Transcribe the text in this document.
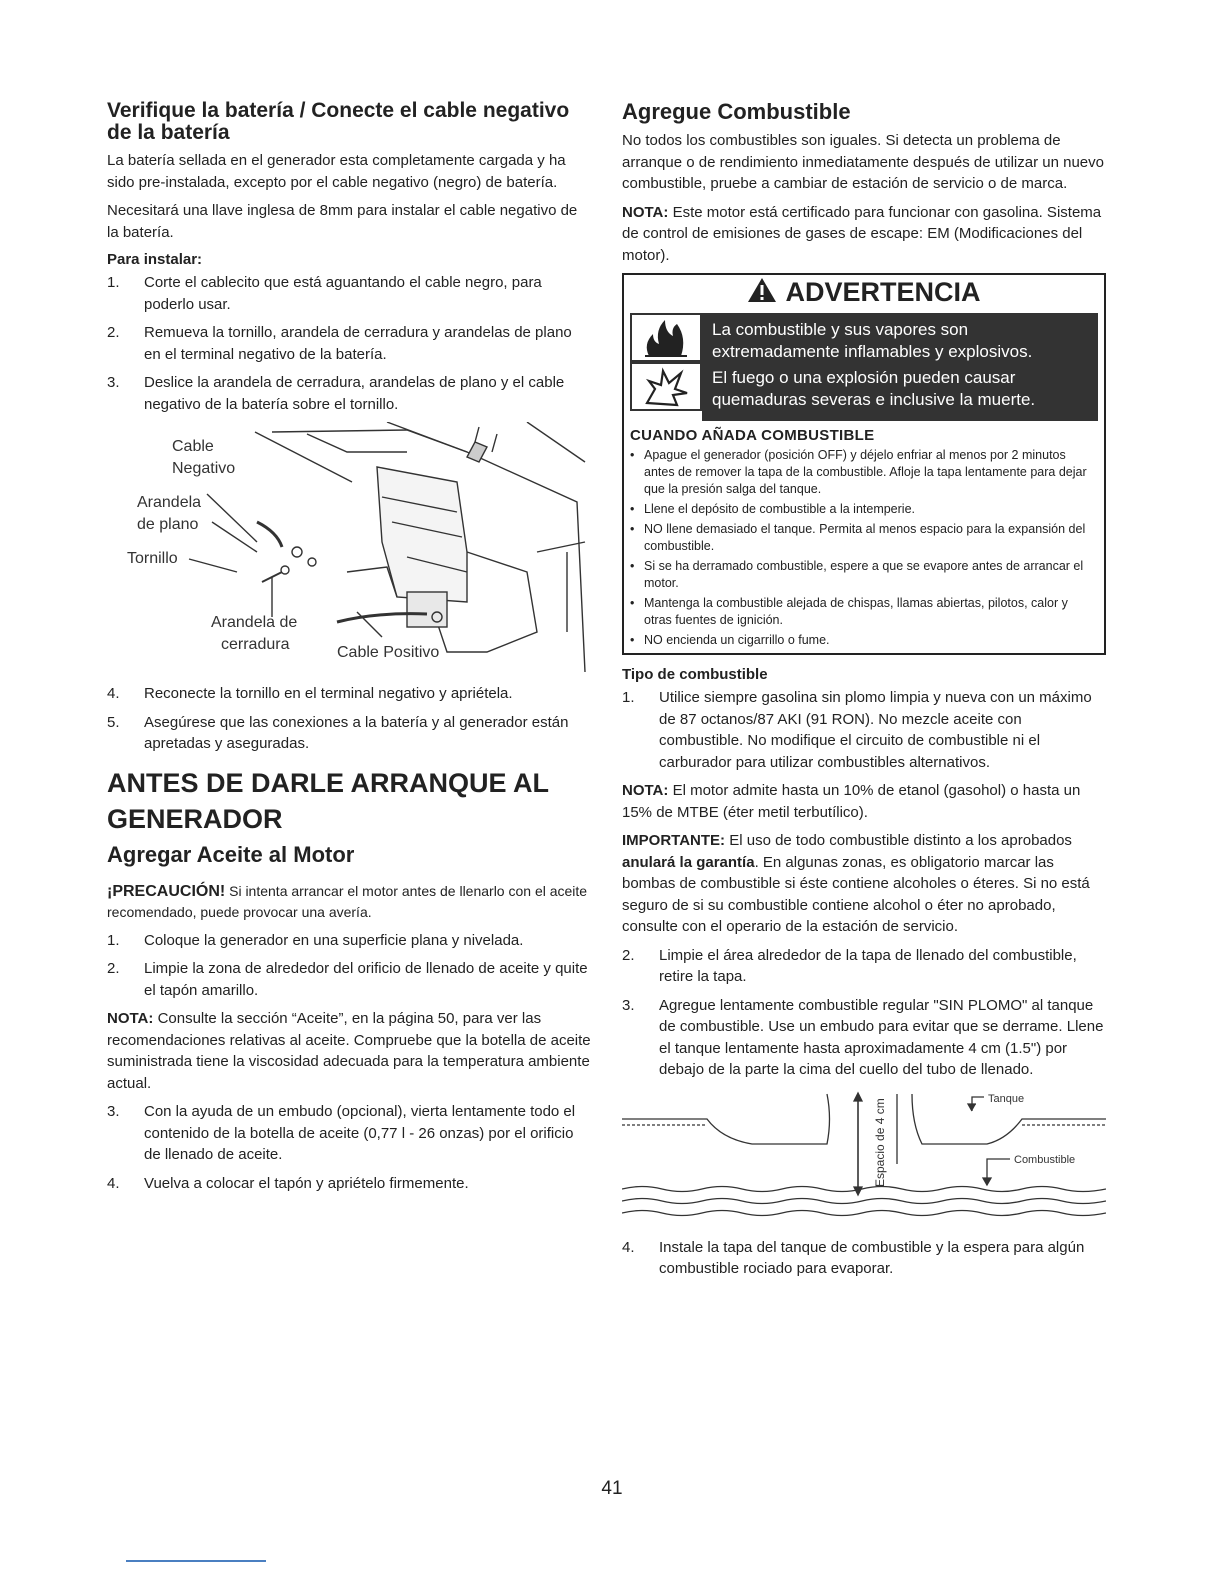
Verifique la batería / Conecte el cable negativo de la batería

La batería sellada en el generador esta completamente cargada y ha sido pre-instalada, excepto por el cable negativo (negro) de batería.

Necesitará una llave inglesa de 8mm para instalar el cable negativo de la batería.

Para instalar:
1. Corte el cablecito que está aguantando el cable negro, para poderlo usar.
2. Remueva la tornillo, arandela de cerradura y arandelas de plano en el terminal negativo de la batería.
3. Deslice la arandela de cerradura, arandelas de plano y el cable negativo de la batería sobre el tornillo.
Cable
Negativo
Arandela
de plano
Tornillo
Arandela de
cerradura	Cable Positivo
4. Reconecte la tornillo en el terminal negativo y apriétela.
5. Asegúrese que las conexiones a la batería y al generador están apretadas y aseguradas.
ANTES DE DARLE ARRANQUE AL GENERADOR
Agregar Aceite al Motor

¡PRECAUCIÓN! Si intenta arrancar el motor antes de llenarlo con el aceite recomendado, puede provocar una avería.

1. Coloque la generador en una superficie plana y nivelada.
2. Limpie la zona de alrededor del orificio de llenado de aceite y quite el tapón amarillo.

NOTA: Consulte la sección “Aceite”, en la página 50, para ver las recomendaciones relativas al aceite. Compruebe que la botella de aceite suministrada tiene la viscosidad adecuada para la temperatura ambiente actual.

3. Con la ayuda de un embudo (opcional), vierta lentamente todo el contenido de la botella de aceite (0,77 l - 26 onzas) por el orificio de llenado de aceite.
4. Vuelva a colocar el tapón y apriételo firmemente.
Agregue Combustible

No todos los combustibles son iguales. Si detecta un problema de arranque o de rendimiento inmediatamente después de utilizar un nuevo combustible, pruebe a cambiar de estación de servicio o de marca.

NOTA: Este motor está certificado para funcionar con gasolina. Sistema de control de emisiones de gases de escape: EM (Modificaciones del motor).

ADVERTENCIA

La combustible y sus vapores son extremadamente inflamables y explosivos.

El fuego o una explosión pueden causar quemaduras severas e inclusive la muerte.

CUANDO AÑADA COMBUSTIBLE
• Apague el generador (posición OFF) y déjelo enfriar al menos por 2 minutos antes de remover la tapa de la combustible. Afloje la tapa lentamente para dejar que la presión salga del tanque.
• Llene el depósito de combustible a la intemperie.
• NO llene demasiado el tanque. Permita al menos espacio para la expansión del combustible.
• Si se ha derramado combustible, espere a que se evapore antes de arrancar el motor.
• Mantenga la combustible alejada de chispas, llamas abiertas, pilotos, calor y otras fuentes de ignición.
• NO encienda un cigarrillo o fume.
Tipo de combustible
1. Utilice siempre gasolina sin plomo limpia y nueva con un máximo de 87 octanos/87 AKI (91 RON). No mezcle aceite con combustible. No modifique el circuito de combustible ni el carburador para utilizar combustibles alternativos.

NOTA: El motor admite hasta un 10% de etanol (gasohol) o hasta un 15% de MTBE (éter metil terbutílico).

IMPORTANTE: El uso de todo combustible distinto a los aprobados anulará la garantía. En algunas zonas, es obligatorio marcar las bombas de combustible si éste contiene alcoholes o éteres. Si no está seguro de si su combustible contiene alcohol o éter no aprobado, consulte con el operario de la estación de servicio.

2. Limpie el área alrededor de la tapa de llenado del combustible, retire la tapa.
3. Agregue lentamente combustible regular "SIN PLOMO" al tanque de combustible. Use un embudo para evitar que se derrame. Llene el tanque lentamente hasta aproximadamente 4 cm (1.5") por debajo de la parte la cima del cuello del tubo de llenado.
Espacio de 4 cm	Tanque
Combustible
4. Instale la tapa del tanque de combustible y la espera para algún combustible rociado para evaporar.
41
